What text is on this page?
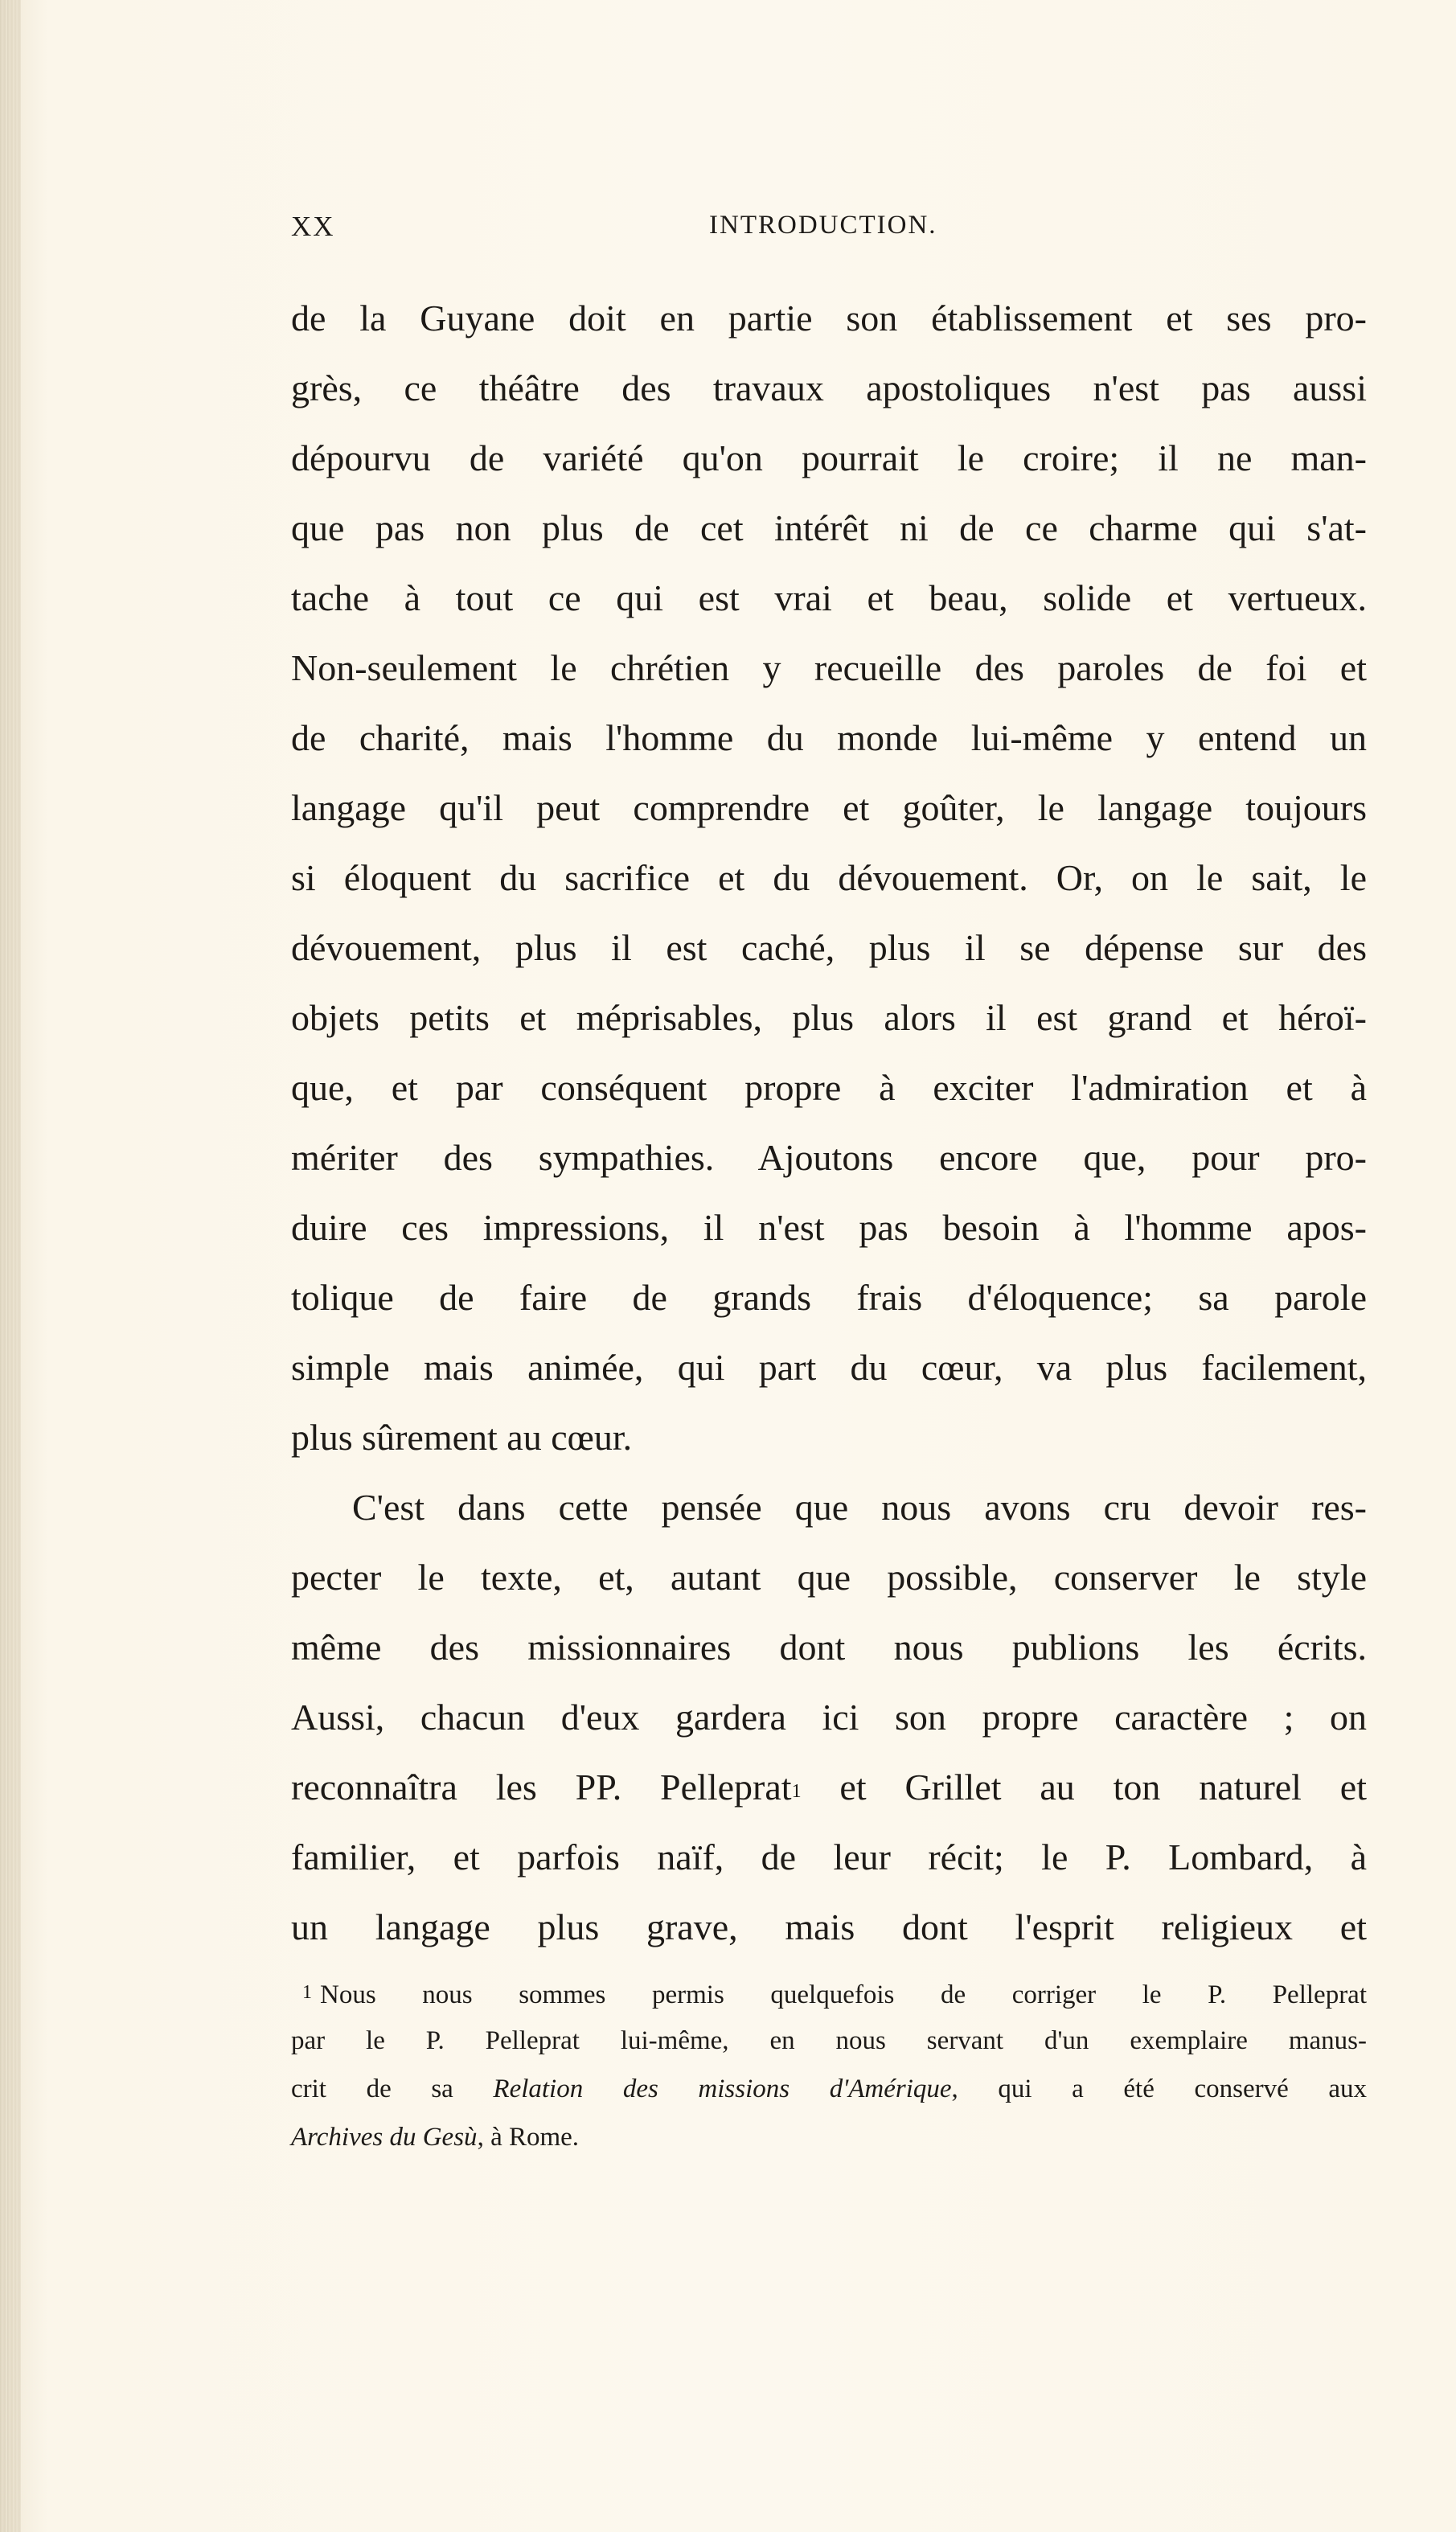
XX	INTRODUCTION.
de la Guyane doit en partie son établissement et ses pro-
grès, ce théâtre des travaux apostoliques n'est pas aussi
dépourvu de variété qu'on pourrait le croire; il ne man-
que pas non plus de cet intérêt ni de ce charme qui s'at-
tache à tout ce qui est vrai et beau, solide et vertueux.
Non-seulement le chrétien y recueille des paroles de foi et
de charité, mais l'homme du monde lui-même y entend un
langage qu'il peut comprendre et goûter, le langage toujours
si éloquent du sacrifice et du dévouement. Or, on le sait, le
dévouement, plus il est caché, plus il se dépense sur des
objets petits et méprisables, plus alors il est grand et héroï-
que, et par conséquent propre à exciter l'admiration et à
mériter des sympathies. Ajoutons encore que, pour pro-
duire ces impressions, il n'est pas besoin à l'homme apos-
tolique de faire de grands frais d'éloquence; sa parole
simple mais animée, qui part du cœur, va plus facilement,
plus sûrement au cœur.
C'est dans cette pensée que nous avons cru devoir res-
pecter le texte, et, autant que possible, conserver le style
même des missionnaires dont nous publions les écrits.
Aussi, chacun d'eux gardera ici son propre caractère ; on
reconnaîtra les PP. Pelleprat1 et Grillet au ton naturel et
familier, et parfois naïf, de leur récit; le P. Lombard, à
un langage plus grave, mais dont l'esprit religieux et
1 Nous nous sommes permis quelquefois de corriger le P. Pelleprat
par le P. Pelleprat lui-même, en nous servant d'un exemplaire manus-
crit de sa Relation des missions d'Amérique, qui a été conservé aux
Archives du Gesù, à Rome.
